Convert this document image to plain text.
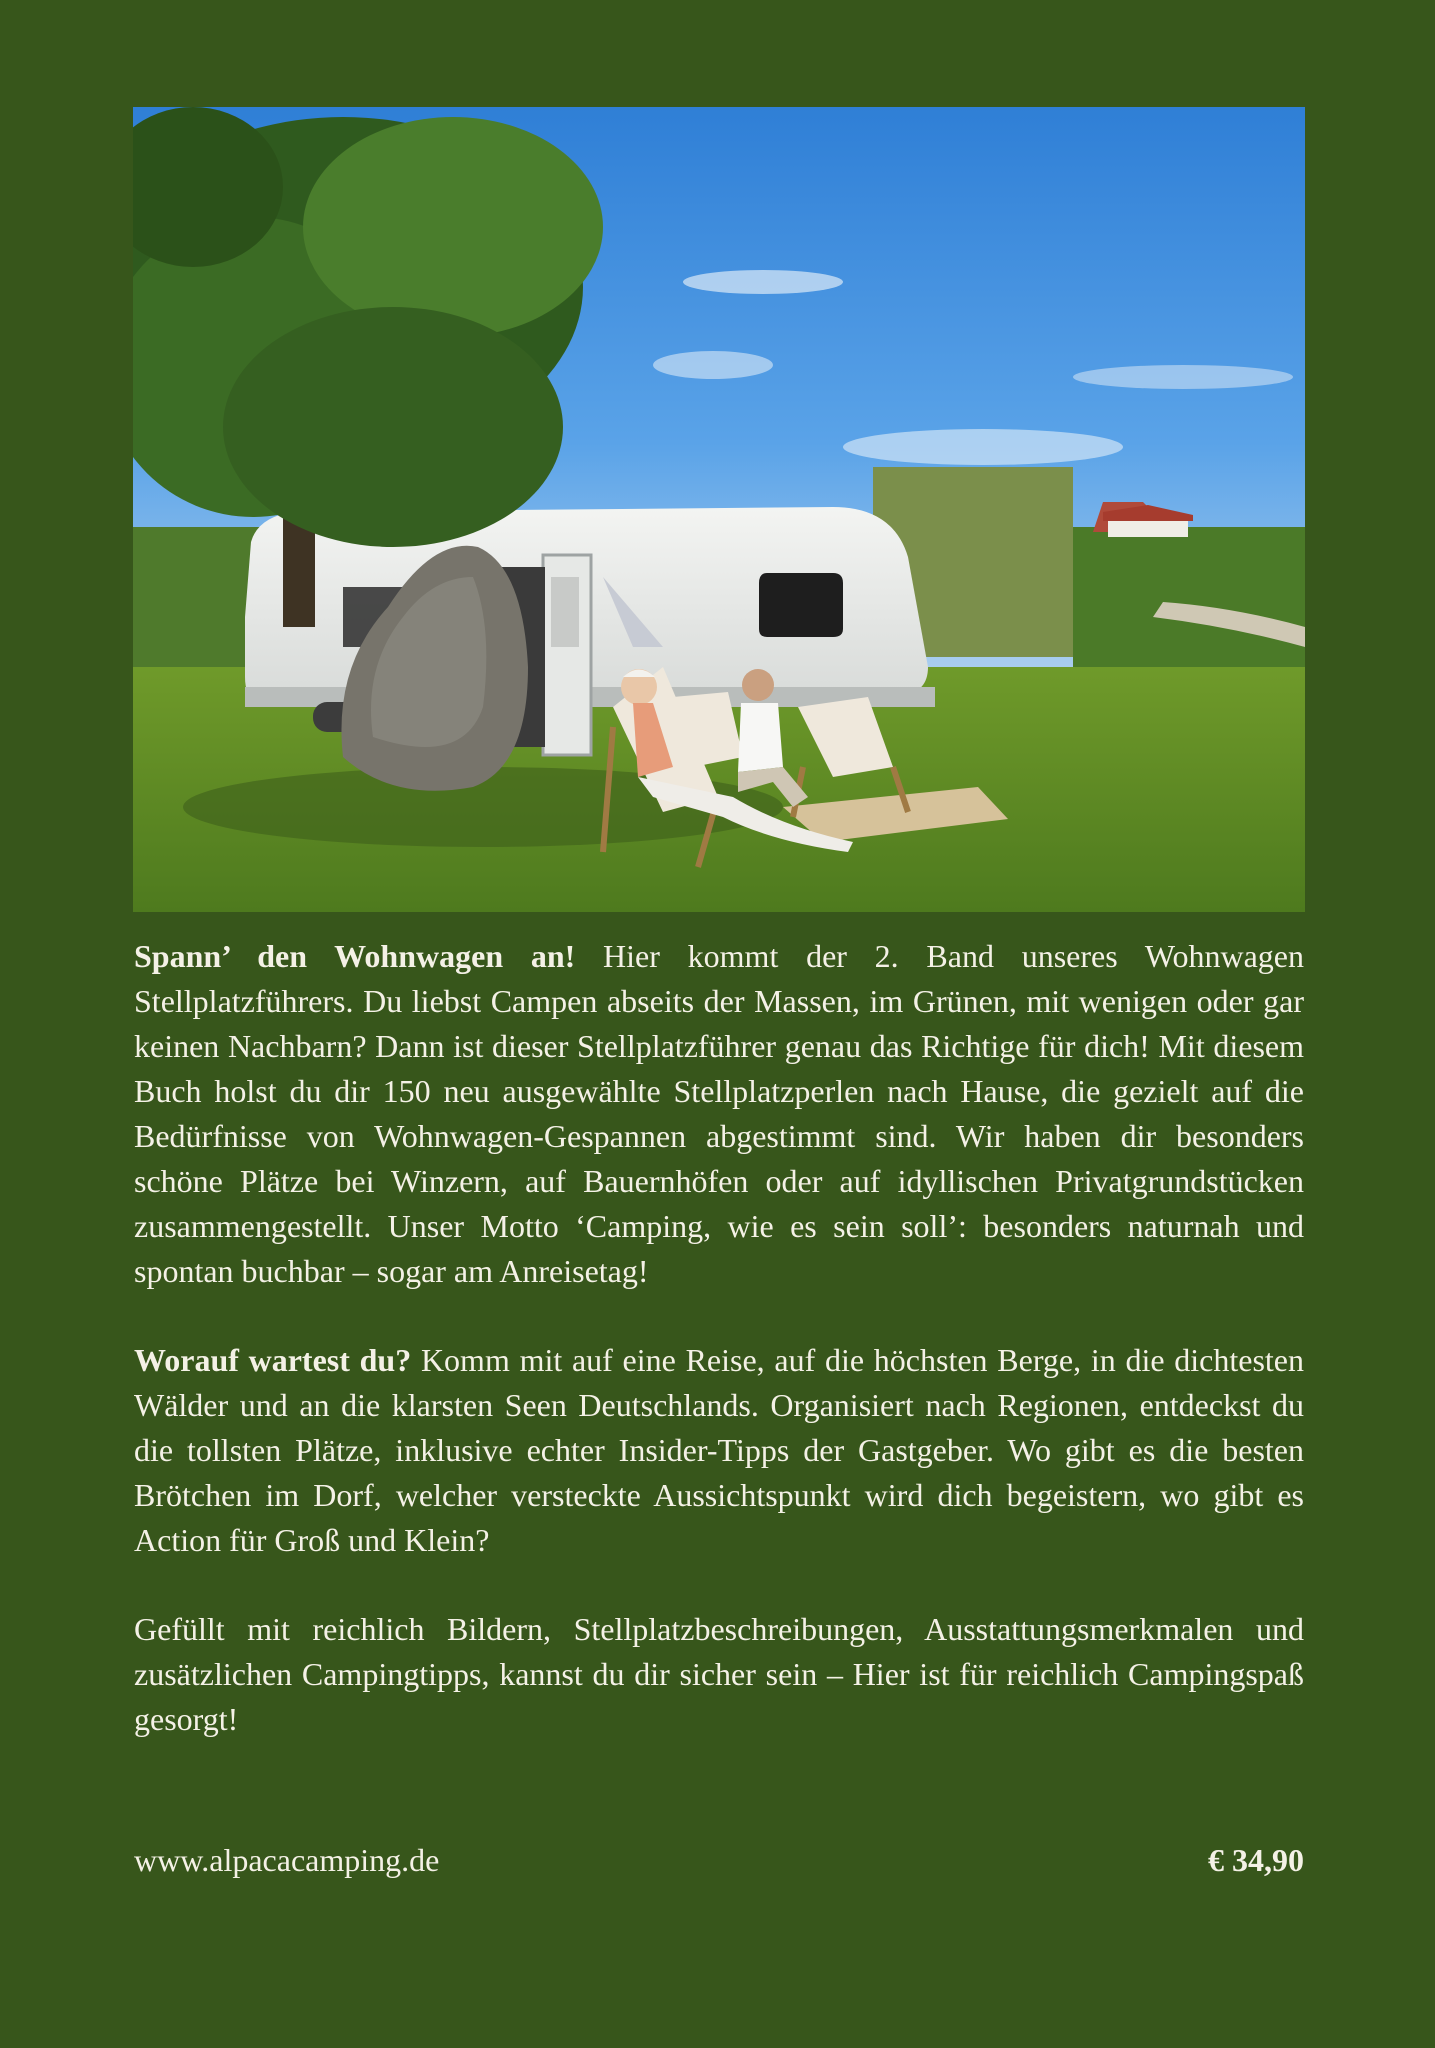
Spann’ den Wohnwagen an! Hier kommt der 2. Band unseres Wohnwagen Stellplatzführers. Du liebst Campen abseits der Massen, im Grünen, mit wenigen oder gar keinen Nachbarn? Dann ist dieser Stellplatzführer genau das Richtige für dich! Mit diesem Buch holst du dir 150 neu ausgewählte Stellplatzperlen nach Hause, die gezielt auf die Bedürfnisse von Wohnwagen-Gespannen abgestimmt sind. Wir haben dir besonders schöne Plätze bei Winzern, auf Bauernhöfen oder auf idyllischen Privatgrundstücken zusammengestellt. Unser Motto ‘Camping, wie es sein soll’: besonders naturnah und spontan buchbar – sogar am Anreisetag!

Worauf wartest du? Komm mit auf eine Reise, auf die höchsten Berge, in die dichtesten Wälder und an die klarsten Seen Deutschlands. Organisiert nach Regionen, entdeckst du die tollsten Plätze, inklusive echter Insider-Tipps der Gastgeber. Wo gibt es die besten Brötchen im Dorf, welcher versteckte Aussichtspunkt wird dich begeistern, wo gibt es Action für Groß und Klein?

Gefüllt mit reichlich Bildern, Stellplatzbeschreibungen, Ausstattungsmerkmalen und zusätzlichen Campingtipps, kannst du dir sicher sein – Hier ist für reichlich Campingspaß gesorgt!

www.alpacacamping.de	€ 34,90
